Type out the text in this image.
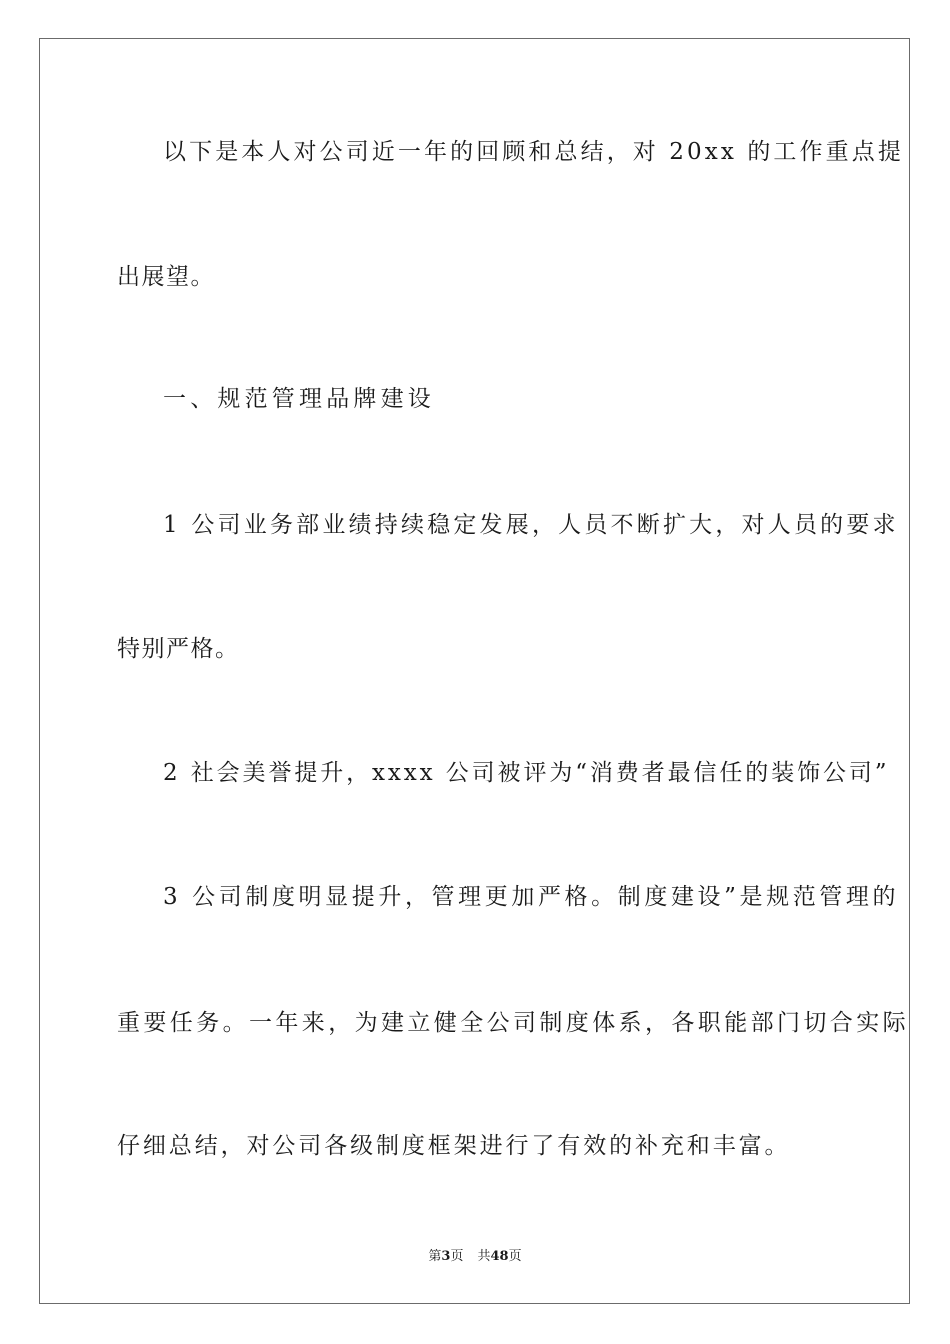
以下是本人对公司近一年的回顾和总结，对 20xx 的工作重点提
出展望。
一、规范管理品牌建设
1 公司业务部业绩持续稳定发展，人员不断扩大，对人员的要求
特别严格。
2 社会美誉提升，xxxx 公司被评为“消费者最信任的装饰公司”
3 公司制度明显提升，管理更加严格。制度建设”是规范管理的
重要任务。一年来，为建立健全公司制度体系，各职能部门切合实际
仔细总结，对公司各级制度框架进行了有效的补充和丰富。
第3页 共48页
